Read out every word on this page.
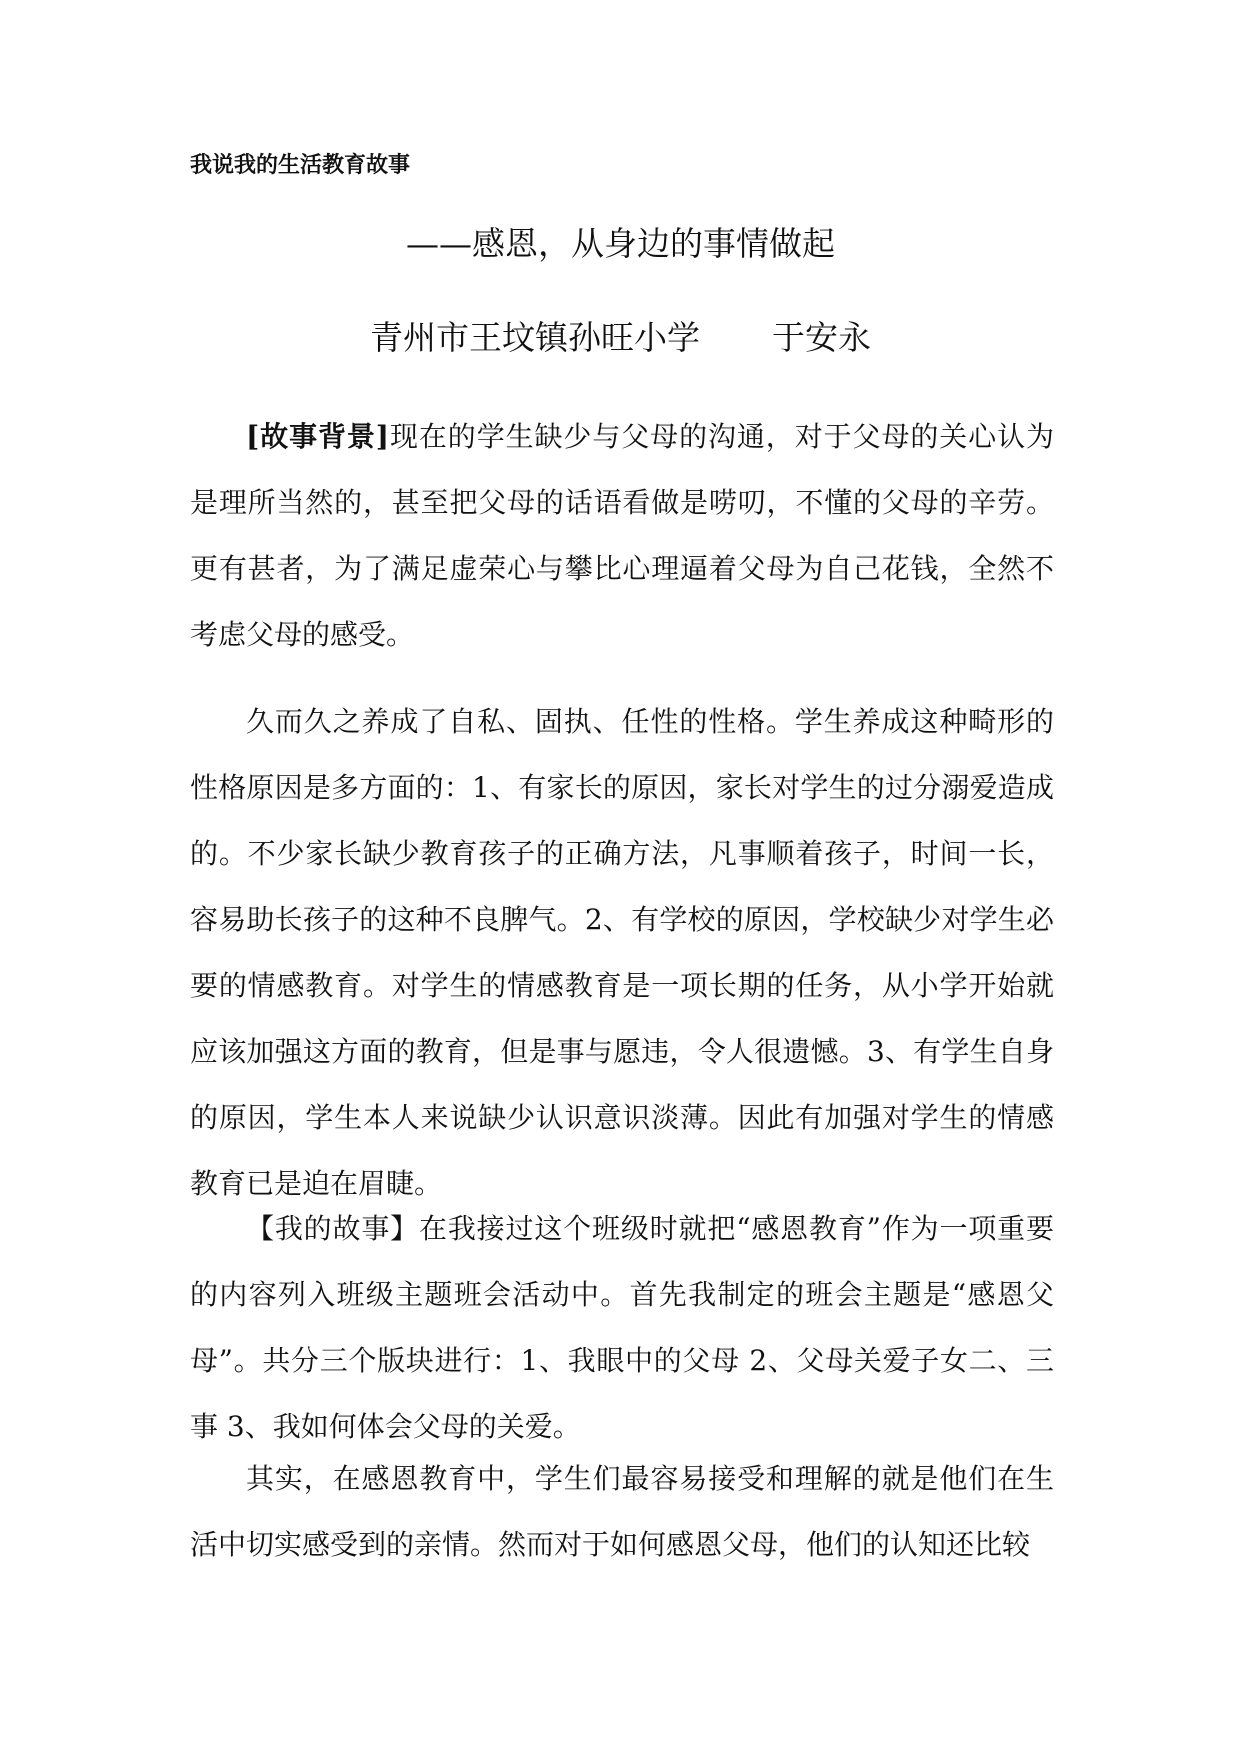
我说我的生活教育故事
——感恩，从身边的事情做起
青州市王坟镇孙旺小学 于安永

[故事背景]现在的学生缺少与父母的沟通，对于父母的关心认为是理所当然的，甚至把父母的话语看做是唠叨，不懂的父母的辛劳。更有甚者，为了满足虚荣心与攀比心理逼着父母为自己花钱，全然不考虑父母的感受。

久而久之养成了自私、固执、任性的性格。学生养成这种畸形的性格原因是多方面的：1、有家长的原因，家长对学生的过分溺爱造成的。不少家长缺少教育孩子的正确方法，凡事顺着孩子，时间一长，容易助长孩子的这种不良脾气。2、有学校的原因，学校缺少对学生必要的情感教育。对学生的情感教育是一项长期的任务，从小学开始就应该加强这方面的教育，但是事与愿违，令人很遗憾。3、有学生自身的原因，学生本人来说缺少认识意识淡薄。因此有加强对学生的情感教育已是迫在眉睫。

【我的故事】在我接过这个班级时就把“感恩教育”作为一项重要的内容列入班级主题班会活动中。首先我制定的班会主题是“感恩父母”。共分三个版块进行：1、我眼中的父母 2、父母关爱子女二、三事 3、我如何体会父母的关爱。

其实，在感恩教育中，学生们最容易接受和理解的就是他们在生活中切实感受到的亲情。然而对于如何感恩父母，他们的认知还比较
